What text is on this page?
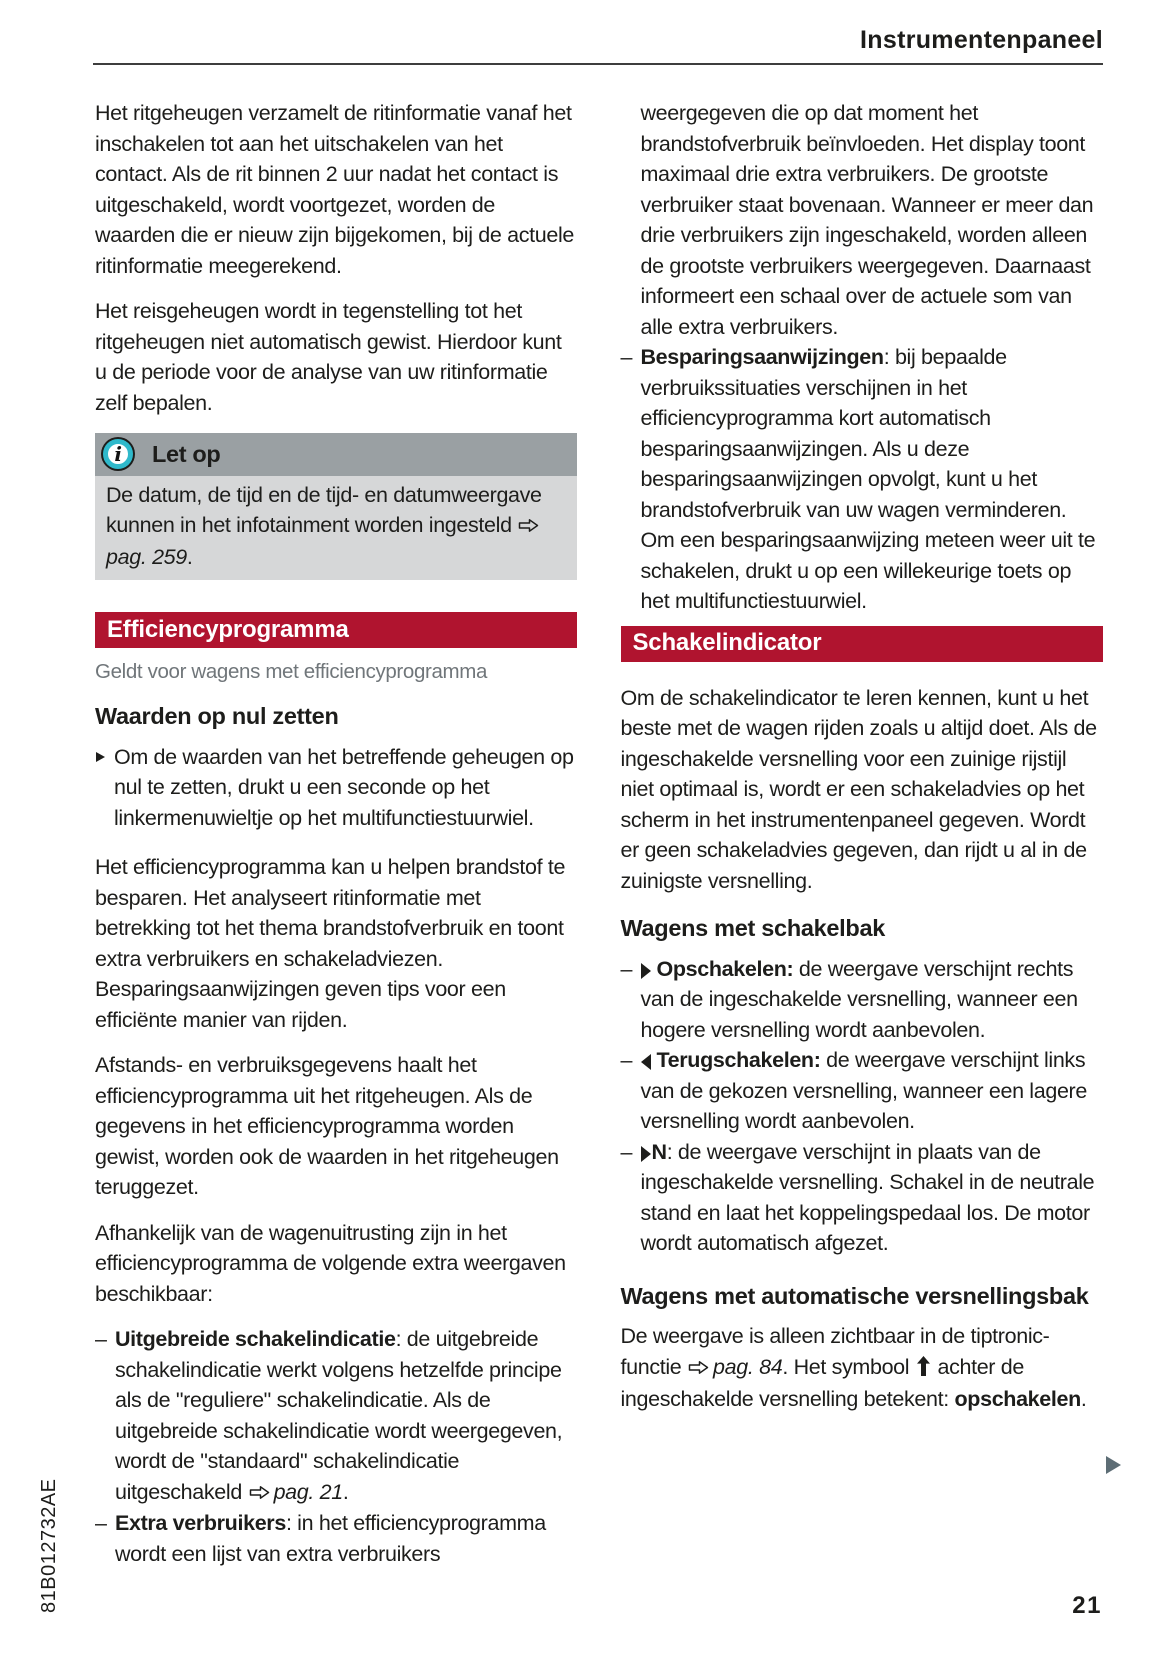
Instrumentenpaneel

Het ritgeheugen verzamelt de ritinformatie vanaf het inschakelen tot aan het uitschakelen van het contact. Als de rit binnen 2 uur nadat het contact is uitgeschakeld, wordt voortgezet, worden de waarden die er nieuw zijn bijgekomen, bij de actuele ritinformatie meegerekend.

Het reisgeheugen wordt in tegenstelling tot het ritgeheugen niet automatisch gewist. Hierdoor kunt u de periode voor de analyse van uw ritinformatie zelf bepalen.

i	Let op
De datum, de tijd en de tijd- en datumweergave kunnen in het infotainment worden ingesteld pag. 259.
Efficiencyprogramma
Geldt voor wagens met efficiencyprogramma
Waarden op nul zetten
Om de waarden van het betreffende geheugen op nul te zetten, drukt u een seconde op het linkermenuwieltje op het multifunctiestuurwiel.

Het efficiencyprogramma kan u helpen brandstof te besparen. Het analyseert ritinformatie met betrekking tot het thema brandstofverbruik en toont extra verbruikers en schakeladviezen. Besparingsaanwijzingen geven tips voor een efficiënte manier van rijden.

Afstands- en verbruiksgegevens haalt het efficiencyprogramma uit het ritgeheugen. Als de gegevens in het efficiencyprogramma worden gewist, worden ook de waarden in het ritgeheugen teruggezet.

Afhankelijk van de wagenuitrusting zijn in het efficiencyprogramma de volgende extra weergaven beschikbaar:

– Uitgebreide schakelindicatie: de uitgebreide schakelindicatie werkt volgens hetzelfde principe als de "reguliere" schakelindicatie. Als de uitgebreide schakelindicatie wordt weergegeven, wordt de "standaard" schakelindicatie uitgeschakeld pag. 21.
– Extra verbruikers: in het efficiencyprogramma wordt een lijst van extra verbruikers

weergegeven die op dat moment het brandstofverbruik beïnvloeden. Het display toont maximaal drie extra verbruikers. De grootste verbruiker staat bovenaan. Wanneer er meer dan drie verbruikers zijn ingeschakeld, worden alleen de grootste verbruikers weergegeven. Daarnaast informeert een schaal over de actuele som van alle extra verbruikers.

– Besparingsaanwijzingen: bij bepaalde verbruikssituaties verschijnen in het efficiencyprogramma kort automatisch besparingsaanwijzingen. Als u deze besparingsaanwijzingen opvolgt, kunt u het brandstofverbruik van uw wagen verminderen. Om een besparingsaanwijzing meteen weer uit te schakelen, drukt u op een willekeurige toets op het multifunctiestuurwiel.
Schakelindicator

Om de schakelindicator te leren kennen, kunt u het beste met de wagen rijden zoals u altijd doet. Als de ingeschakelde versnelling voor een zuinige rijstijl niet optimaal is, wordt er een schakeladvies op het scherm in het instrumentenpaneel gegeven. Wordt er geen schakeladvies gegeven, dan rijdt u al in de zuinigste versnelling.

Wagens met schakelbak
– Opschakelen: de weergave verschijnt rechts van de ingeschakelde versnelling, wanneer een hogere versnelling wordt aanbevolen.
– Terugschakelen: de weergave verschijnt links van de gekozen versnelling, wanneer een lagere versnelling wordt aanbevolen.
– N: de weergave verschijnt in plaats van de ingeschakelde versnelling. Schakel in de neutrale stand en laat het koppelingspedaal los. De motor wordt automatisch afgezet.
Wagens met automatische versnellingsbak

De weergave is alleen zichtbaar in de tiptronic-functie pag. 84. Het symbool  achter de ingeschakelde versnelling betekent: opschakelen.

81B012732AE	21
